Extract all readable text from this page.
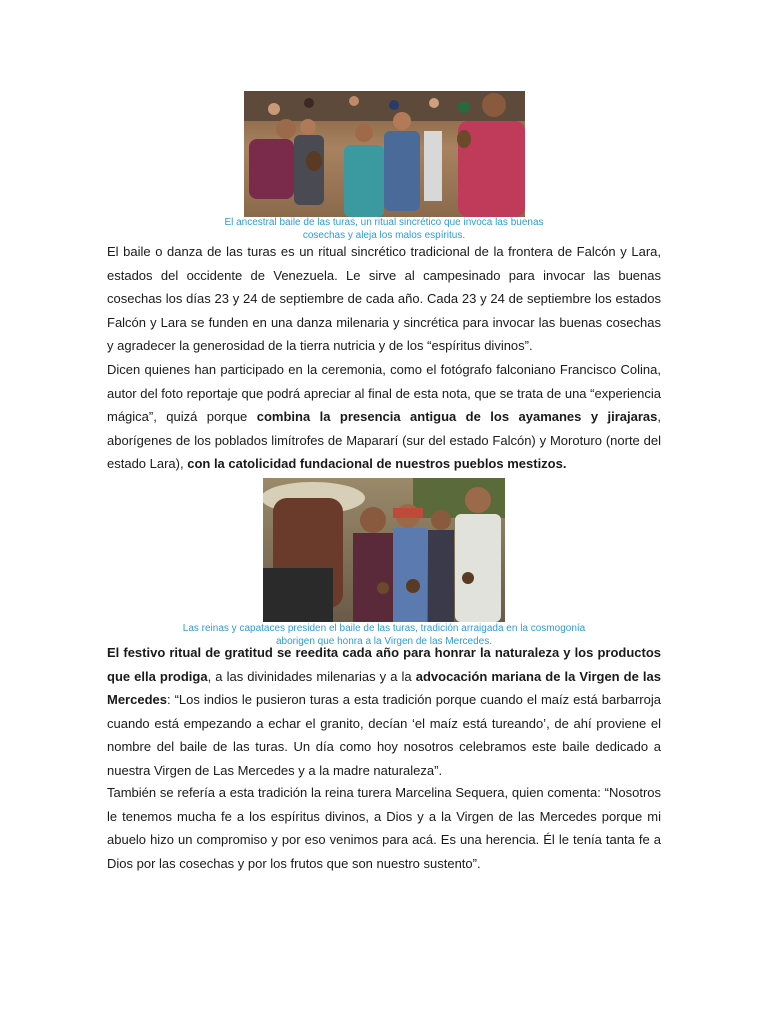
El ancestral baile de las turas, un ritual sincrético que invoca las buenas
cosechas y aleja los malos espíritus.

El baile o danza de las turas es un ritual sincrético tradicional de la frontera de Falcón y Lara, estados del occidente de Venezuela. Le sirve al campesinado para invocar las buenas cosechas los días 23 y 24 de septiembre de cada año. Cada 23 y 24 de septiembre los estados Falcón y Lara se funden en una danza milenaria y sincrética para invocar las buenas cosechas y agradecer la generosidad de la tierra nutricia y de los “espíritus divinos”.

Dicen quienes han participado en la ceremonia, como el fotógrafo falconiano Francisco Colina, autor del foto reportaje que podrá apreciar al final de esta nota, que se trata de una “experiencia mágica”, quizá porque combina la presencia antigua de los ayamanes y jirajaras, aborígenes de los poblados limítrofes de Mapararí (sur del estado Falcón) y Moroturo (norte del estado Lara), con la catolicidad fundacional de nuestros pueblos mestizos.

Las reinas y capataces presiden el baile de las turas, tradición arraigada en la cosmogonía
aborigen que honra a la Virgen de las Mercedes.

El festivo ritual de gratitud se reedita cada año para honrar la naturaleza y los productos que ella prodiga, a las divinidades milenarias y a la advocación mariana de la Virgen de las Mercedes: “Los indios le pusieron turas a esta tradición porque cuando el maíz está barbarroja cuando está empezando a echar el granito, decían ‘el maíz está tureando’, de ahí proviene el nombre del baile de las turas. Un día como hoy nosotros celebramos este baile dedicado a nuestra Virgen de Las Mercedes y a la madre naturaleza”.

También se refería a esta tradición la reina turera Marcelina Sequera, quien comenta: “Nosotros le tenemos mucha fe a los espíritus divinos, a Dios y a la Virgen de las Mercedes porque mi abuelo hizo un compromiso y por eso venimos para acá. Es una herencia. Él le tenía tanta fe a Dios por las cosechas y por los frutos que son nuestro sustento”.
